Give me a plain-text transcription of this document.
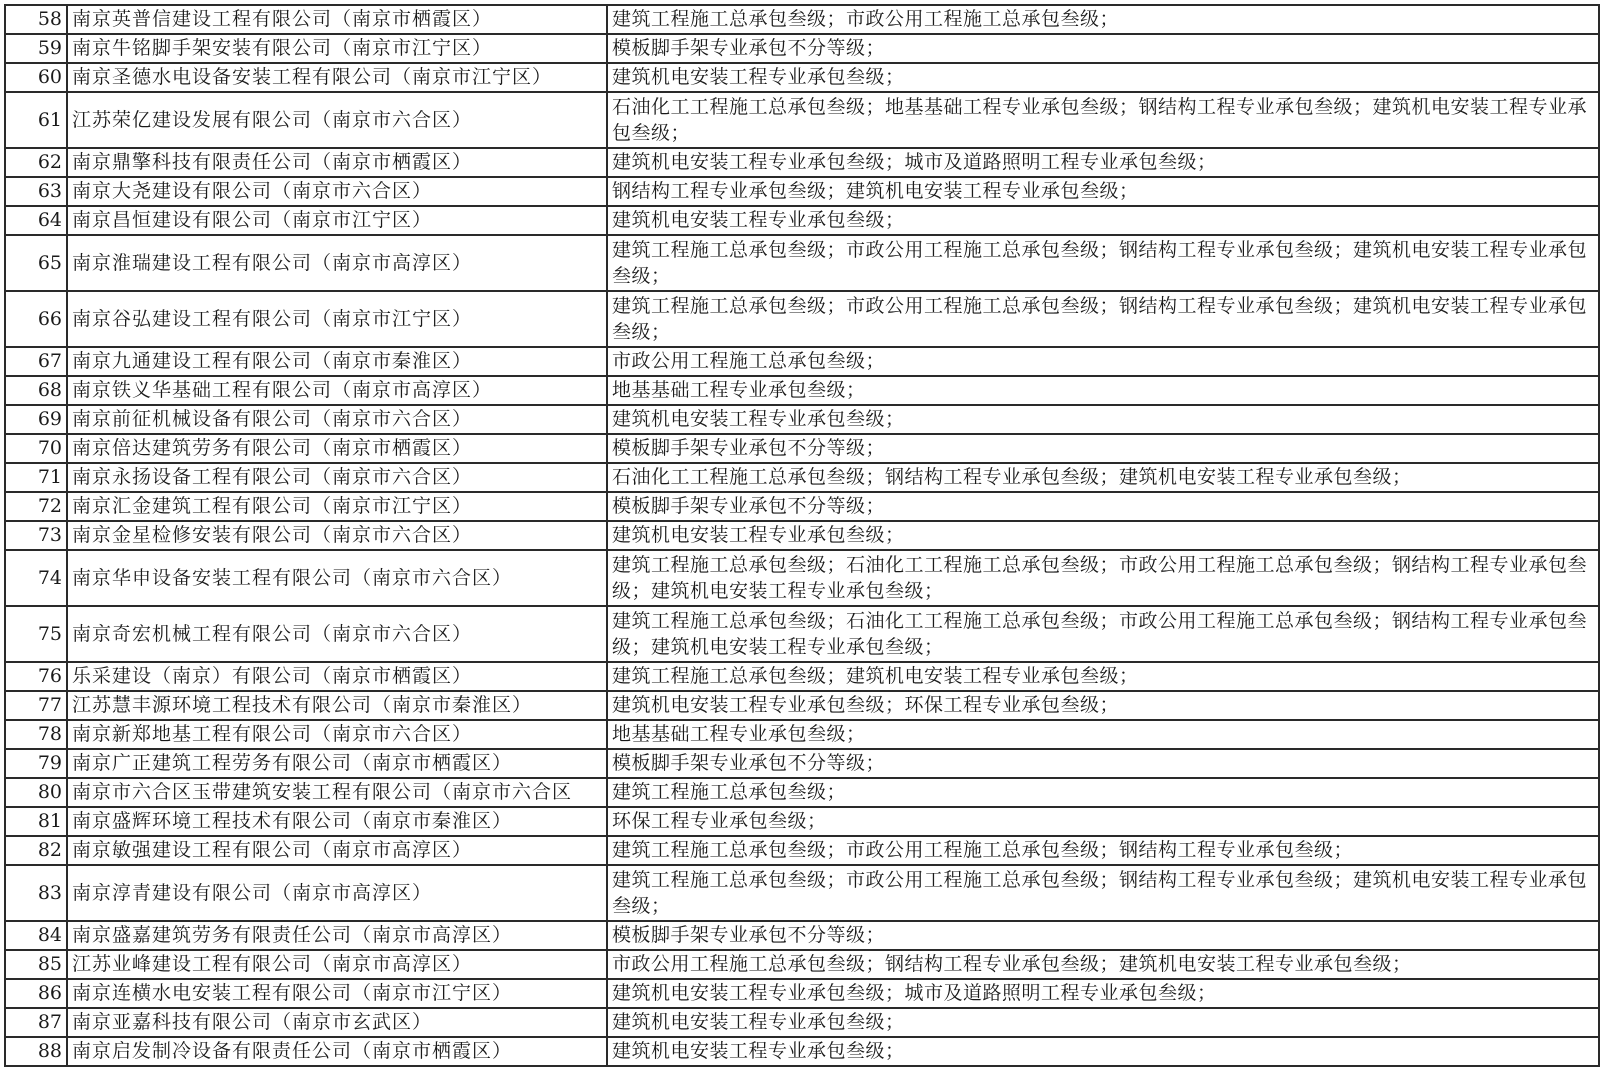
58	南京英普信建设工程有限公司（南京市栖霞区）	建筑工程施工总承包叁级；市政公用工程施工总承包叁级；
59	南京牛铭脚手架安装有限公司（南京市江宁区）	模板脚手架专业承包不分等级；
60	南京圣德水电设备安装工程有限公司（南京市江宁区）	建筑机电安装工程专业承包叁级；
61	江苏荣亿建设发展有限公司（南京市六合区）	石油化工工程施工总承包叁级；地基基础工程专业承包叁级；钢结构工程专业承包叁级；建筑机电安装工程专业承包叁级；
62	南京鼎擎科技有限责任公司（南京市栖霞区）	建筑机电安装工程专业承包叁级；城市及道路照明工程专业承包叁级；
63	南京大尧建设有限公司（南京市六合区）	钢结构工程专业承包叁级；建筑机电安装工程专业承包叁级；
64	南京昌恒建设有限公司（南京市江宁区）	建筑机电安装工程专业承包叁级；
65	南京淮瑞建设工程有限公司（南京市高淳区）	建筑工程施工总承包叁级；市政公用工程施工总承包叁级；钢结构工程专业承包叁级；建筑机电安装工程专业承包叁级；
66	南京谷弘建设工程有限公司（南京市江宁区）	建筑工程施工总承包叁级；市政公用工程施工总承包叁级；钢结构工程专业承包叁级；建筑机电安装工程专业承包叁级；
67	南京九通建设工程有限公司（南京市秦淮区）	市政公用工程施工总承包叁级；
68	南京铁义华基础工程有限公司（南京市高淳区）	地基基础工程专业承包叁级；
69	南京前征机械设备有限公司（南京市六合区）	建筑机电安装工程专业承包叁级；
70	南京倍达建筑劳务有限公司（南京市栖霞区）	模板脚手架专业承包不分等级；
71	南京永扬设备工程有限公司（南京市六合区）	石油化工工程施工总承包叁级；钢结构工程专业承包叁级；建筑机电安装工程专业承包叁级；
72	南京汇金建筑工程有限公司（南京市江宁区）	模板脚手架专业承包不分等级；
73	南京金星检修安装有限公司（南京市六合区）	建筑机电安装工程专业承包叁级；
74	南京华申设备安装工程有限公司（南京市六合区）	建筑工程施工总承包叁级；石油化工工程施工总承包叁级；市政公用工程施工总承包叁级；钢结构工程专业承包叁级；建筑机电安装工程专业承包叁级；
75	南京奇宏机械工程有限公司（南京市六合区）	建筑工程施工总承包叁级；石油化工工程施工总承包叁级；市政公用工程施工总承包叁级；钢结构工程专业承包叁级；建筑机电安装工程专业承包叁级；
76	乐采建设（南京）有限公司（南京市栖霞区）	建筑工程施工总承包叁级；建筑机电安装工程专业承包叁级；
77	江苏慧丰源环境工程技术有限公司（南京市秦淮区）	建筑机电安装工程专业承包叁级；环保工程专业承包叁级；
78	南京新郑地基工程有限公司（南京市六合区）	地基基础工程专业承包叁级；
79	南京广正建筑工程劳务有限公司（南京市栖霞区）	模板脚手架专业承包不分等级；
80	南京市六合区玉带建筑安装工程有限公司（南京市六合区	建筑工程施工总承包叁级；
81	南京盛辉环境工程技术有限公司（南京市秦淮区）	环保工程专业承包叁级；
82	南京敏强建设工程有限公司（南京市高淳区）	建筑工程施工总承包叁级；市政公用工程施工总承包叁级；钢结构工程专业承包叁级；
83	南京淳青建设有限公司（南京市高淳区）	建筑工程施工总承包叁级；市政公用工程施工总承包叁级；钢结构工程专业承包叁级；建筑机电安装工程专业承包叁级；
84	南京盛嘉建筑劳务有限责任公司（南京市高淳区）	模板脚手架专业承包不分等级；
85	江苏业峰建设工程有限公司（南京市高淳区）	市政公用工程施工总承包叁级；钢结构工程专业承包叁级；建筑机电安装工程专业承包叁级；
86	南京连横水电安装工程有限公司（南京市江宁区）	建筑机电安装工程专业承包叁级；城市及道路照明工程专业承包叁级；
87	南京亚嘉科技有限公司（南京市玄武区）	建筑机电安装工程专业承包叁级；
88	南京启发制冷设备有限责任公司（南京市栖霞区）	建筑机电安装工程专业承包叁级；
